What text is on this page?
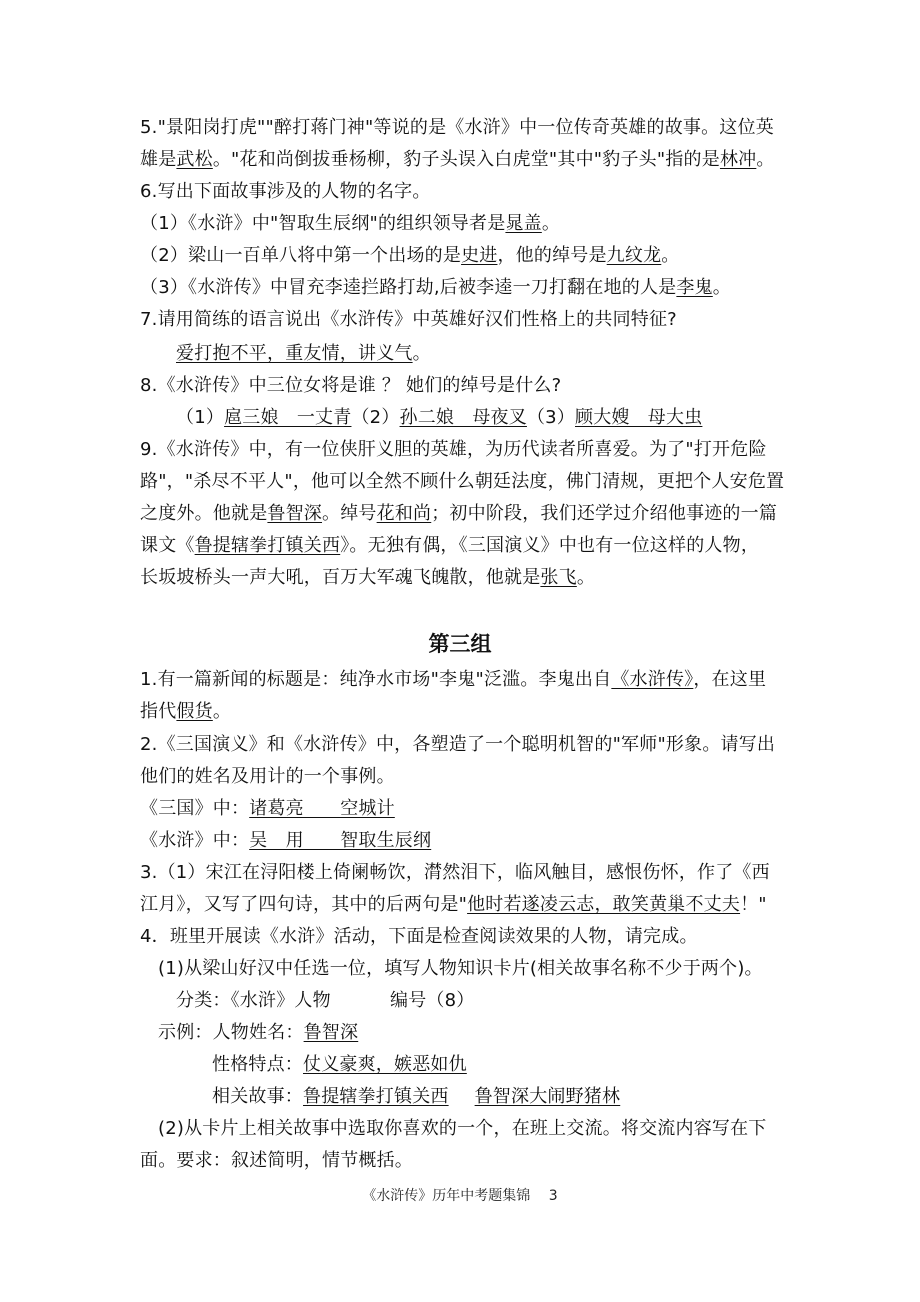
5."景阳岗打虎""醉打蒋门神"等说的是《水浒》中一位传奇英雄的故事。这位英
雄是武松。"花和尚倒拔垂杨柳，豹子头误入白虎堂"其中"豹子头"指的是林冲。
6.写出下面故事涉及的人物的名字。
（1）《水浒》中"智取生辰纲"的组织领导者是晁盖。
（2）梁山一百单八将中第一个出场的是史进，他的绰号是九纹龙。
（3）《水浒传》中冒充李逵拦路打劫,后被李逵一刀打翻在地的人是李鬼。
7.请用简练的语言说出《水浒传》中英雄好汉们性格上的共同特征?
爱打抱不平，重友情，讲义气。
8.《水浒传》中三位女将是谁 ？ 她们的绰号是什么?
（1）扈三娘　一丈青（2）孙二娘　母夜叉（3）顾大嫂　母大虫
9.《水浒传》中，有一位侠肝义胆的英雄，为历代读者所喜爱。为了"打开危险
路"，"杀尽不平人"，他可以全然不顾什么朝廷法度，佛门清规，更把个人安危置
之度外。他就是鲁智深。绰号花和尚；初中阶段，我们还学过介绍他事迹的一篇
课文《鲁提辖拳打镇关西》。无独有偶，《三国演义》中也有一位这样的人物，
长坂坡桥头一声大吼，百万大军魂飞魄散，他就是张飞。
第三组
1.有一篇新闻的标题是：纯净水市场"李鬼"泛滥。李鬼出自《水浒传》，在这里
指代假货。
2.《三国演义》和《水浒传》中，各塑造了一个聪明机智的"军师"形象。请写出
他们的姓名及用计的一个事例。
《三国》中：诸葛亮　　空城计
《水浒》中：吴　用　　智取生辰纲
3.（1）宋江在浔阳楼上倚阑畅饮，潸然泪下，临风触目，感恨伤怀，作了《西
江月》，又写了四句诗，其中的后两句是"他时若遂凌云志，敢笑黄巢不丈夫！"
4．班里开展读《水浒》活动，下面是检查阅读效果的人物，请完成。
(1)从梁山好汉中任选一位，填写人物知识卡片(相关故事名称不少于两个)。
分类：《水浒》人物	编号（8）
示例：人物姓名：鲁智深
性格特点：仗义豪爽，嫉恶如仇
相关故事：鲁提辖拳打镇关西 鲁智深大闹野猪林
(2)从卡片上相关故事中选取你喜欢的一个，在班上交流。将交流内容写在下
面。要求：叙述简明，情节概括。
《水浒传》历年中考题集锦　 3
